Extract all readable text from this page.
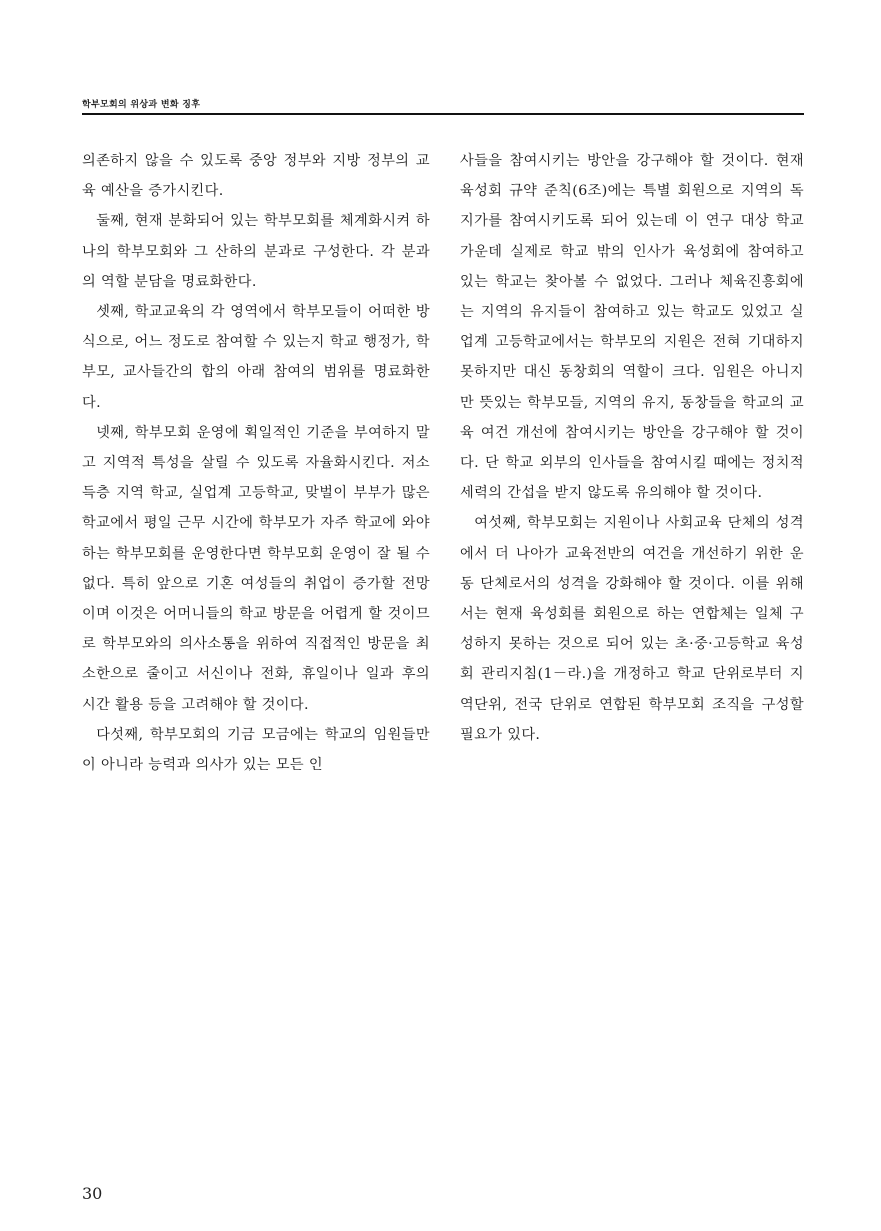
학부모회의 위상과 변화 징후

의존하지 않을 수 있도록 중앙 정부와 지방 정부의 교육 예산을 증가시킨다.

둘째, 현재 분화되어 있는 학부모회를 체계화시켜 하나의 학부모회와 그 산하의 분과로 구성한다. 각 분과의 역할 분담을 명료화한다.

셋째, 학교교육의 각 영역에서 학부모들이 어떠한 방식으로, 어느 정도로 참여할 수 있는지 학교 행정가, 학부모, 교사들간의 합의 아래 참여의 범위를 명료화한다.

넷째, 학부모회 운영에 획일적인 기준을 부여하지 말고 지역적 특성을 살릴 수 있도록 자율화시킨다. 저소득층 지역 학교, 실업계 고등학교, 맞벌이 부부가 많은 학교에서 평일 근무 시간에 학부모가 자주 학교에 와야 하는 학부모회를 운영한다면 학부모회 운영이 잘 될 수 없다. 특히 앞으로 기혼 여성들의 취업이 증가할 전망이며 이것은 어머니들의 학교 방문을 어렵게 할 것이므로 학부모와의 의사소통을 위하여 직접적인 방문을 최소한으로 줄이고 서신이나 전화, 휴일이나 일과 후의 시간 활용 등을 고려해야 할 것이다.

다섯째, 학부모회의 기금 모금에는 학교의 임원들만이 아니라 능력과 의사가 있는 모든 인

사들을 참여시키는 방안을 강구해야 할 것이다. 현재 육성회 규약 준칙(6조)에는 특별 회원으로 지역의 독지가를 참여시키도록 되어 있는데 이 연구 대상 학교 가운데 실제로 학교 밖의 인사가 육성회에 참여하고 있는 학교는 찾아볼 수 없었다. 그러나 체육진흥회에는 지역의 유지들이 참여하고 있는 학교도 있었고 실업계 고등학교에서는 학부모의 지원은 전혀 기대하지 못하지만 대신 동창회의 역할이 크다. 임원은 아니지만 뜻있는 학부모들, 지역의 유지, 동창들을 학교의 교육 여건 개선에 참여시키는 방안을 강구해야 할 것이다. 단 학교 외부의 인사들을 참여시킬 때에는 정치적 세력의 간섭을 받지 않도록 유의해야 할 것이다.

여섯째, 학부모회는 지원이나 사회교육 단체의 성격에서 더 나아가 교육전반의 여건을 개선하기 위한 운동 단체로서의 성격을 강화해야 할 것이다. 이를 위해서는 현재 육성회를 회원으로 하는 연합체는 일체 구성하지 못하는 것으로 되어 있는 초·중·고등학교 육성회 관리지침(1－라.)을 개정하고 학교 단위로부터 지역단위, 전국 단위로 연합된 학부모회 조직을 구성할 필요가 있다.

30
